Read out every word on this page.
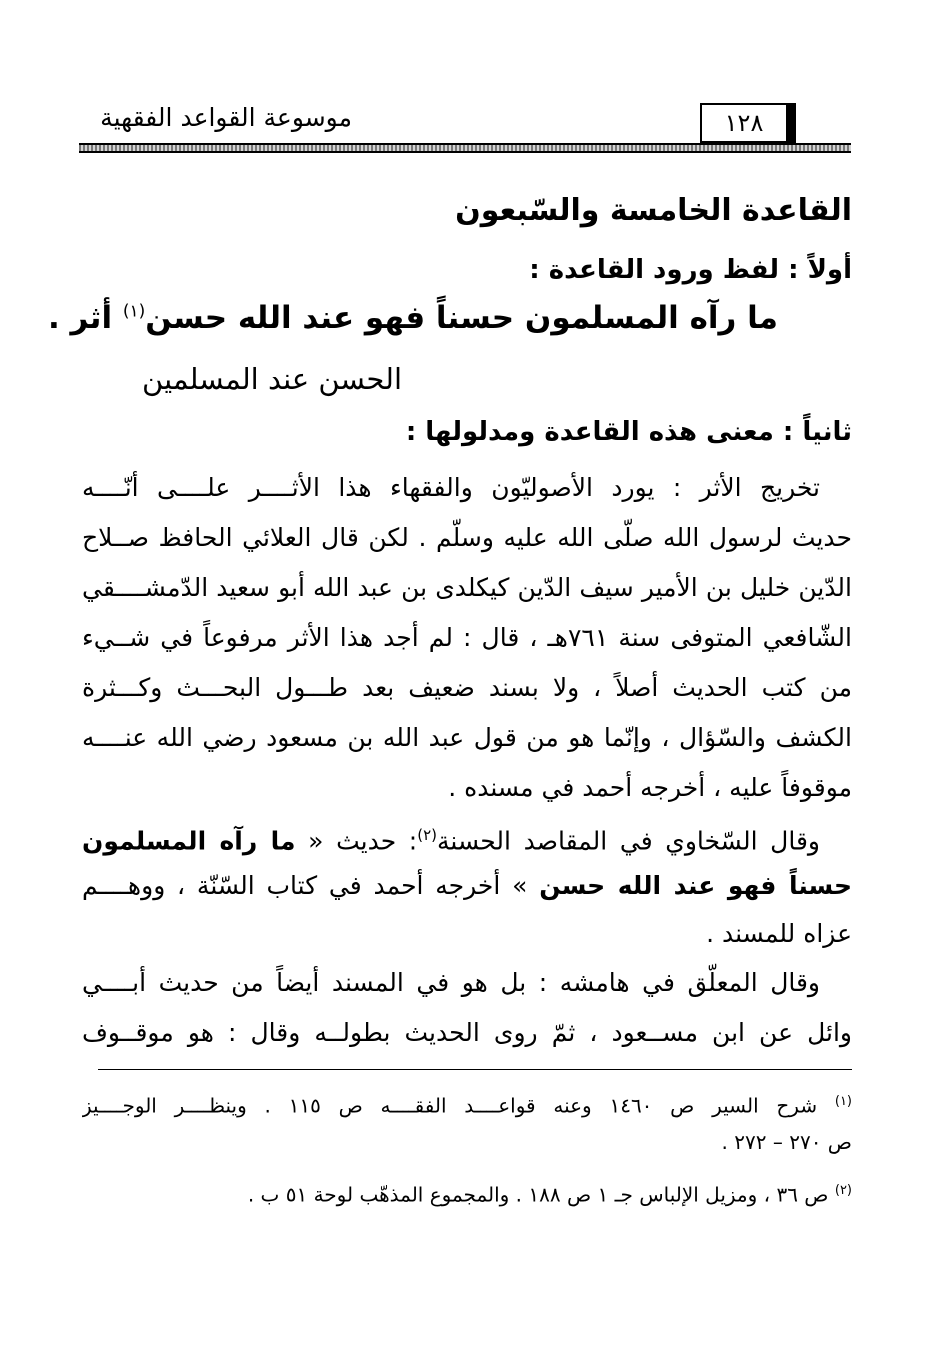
موسوعة القواعد الفقهية	١٢٨
القاعدة الخامسة والسّبعون
أولاً : لفظ ورود القاعدة :
ما رآه المسلمون حسناً فهو عند الله حسن$^{(١)}$ أثر .
الحسن عند المسلمين
ثانياً : معنى هذه القاعدة ومدلولها :
تخريج الأثر : يورد الأصوليّون والفقهاء هذا الأثــــر علــــى أنّــــه
حديث لرسول الله صلّى الله عليه وسلّم . لكن قال العلائي الحافظ صــلاح
الدّين خليل بن الأمير سيف الدّين كيكلدى بن عبد الله أبو سعيد الدّمشــــقي
الشّافعي المتوفى سنة ٧٦١هـ ، قال : لم أجد هذا الأثر مرفوعاً في شــيء
من كتب الحديث أصلاً ، ولا بسند ضعيف بعد طـــول البحـــث وكـــثرة
الكشف والسّؤال ، وإنّما هو من قول عبد الله بن مسعود رضي الله عنــــه
موقوفاً عليه ، أخرجه أحمد في مسنده .
وقال السّخاوي في المقاصد الحسنة$^{(٢)}$: حديث « ما رآه المسلمون
حسناً فهو عند الله حسن » أخرجه أحمد في كتاب السّنّة ، ووهــــم
عزاه للمسند .
وقال المعلّق في هامشه : بل هو في المسند أيضاً من حديث أبــــي
وائل عن ابن مســعود ، ثمّ روى الحديث بطولــه وقال : هو موقــوف
$^{(١)}$ شرح السير ص ١٤٦٠ وعنه قواعــــد الفقــــه ص ١١٥ . وينظــــر الوجــــيز
ص ٢٧٠ – ٢٧٢ .
$^{(٢)}$ ص ٣٦ ، ومزيل الإلباس جـ ١ ص ١٨٨ . والمجموع المذهّب لوحة ٥١ ب .
